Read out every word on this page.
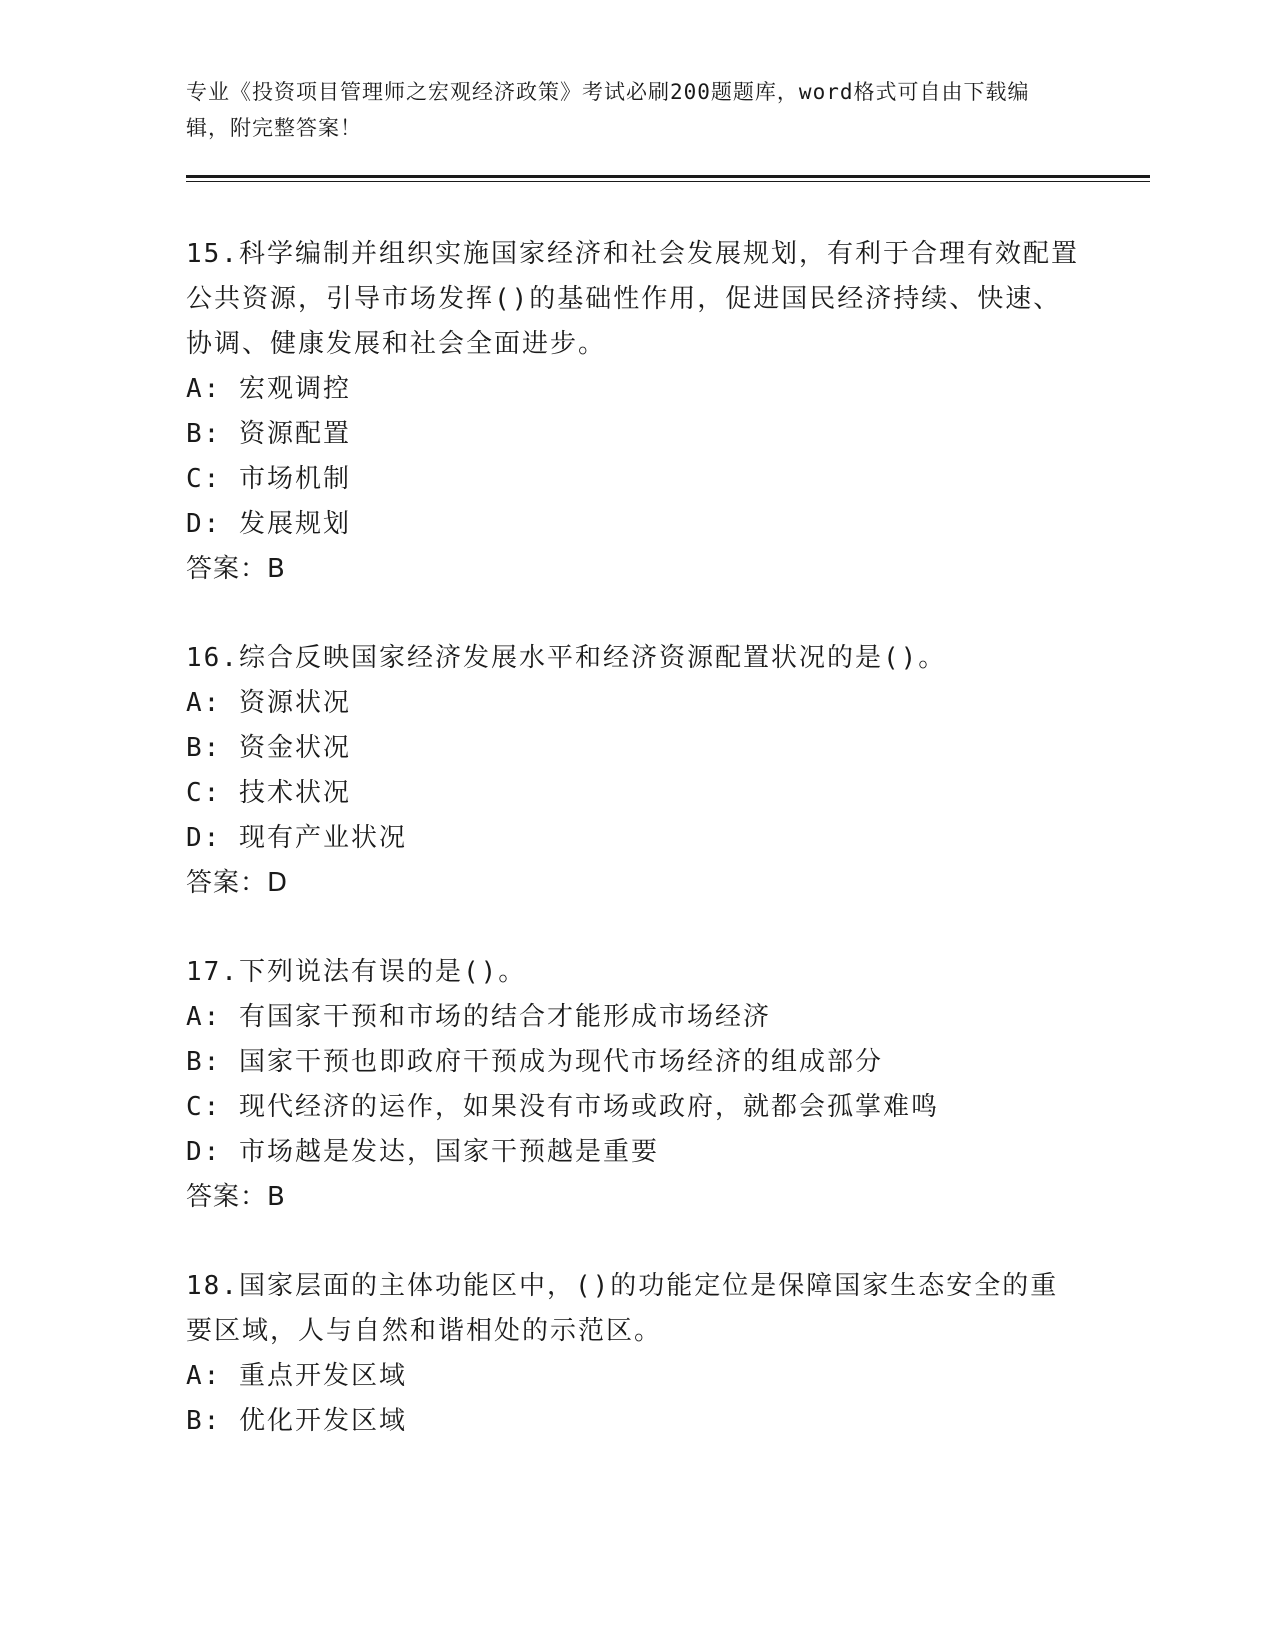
专业《投资项目管理师之宏观经济政策》考试必刷200题题库，word格式可自由下载编辑，附完整答案！
15.科学编制并组织实施国家经济和社会发展规划，有利于合理有效配置公共资源，引导市场发挥()的基础性作用，促进国民经济持续、快速、协调、健康发展和社会全面进步。
A: 宏观调控
B: 资源配置
C: 市场机制
D: 发展规划
答案：B
16.综合反映国家经济发展水平和经济资源配置状况的是()。
A: 资源状况
B: 资金状况
C: 技术状况
D: 现有产业状况
答案：D
17.下列说法有误的是()。
A: 有国家干预和市场的结合才能形成市场经济
B: 国家干预也即政府干预成为现代市场经济的组成部分
C: 现代经济的运作，如果没有市场或政府，就都会孤掌难鸣
D: 市场越是发达，国家干预越是重要
答案：B
18.国家层面的主体功能区中，()的功能定位是保障国家生态安全的重要区域，人与自然和谐相处的示范区。
A: 重点开发区域
B: 优化开发区域
